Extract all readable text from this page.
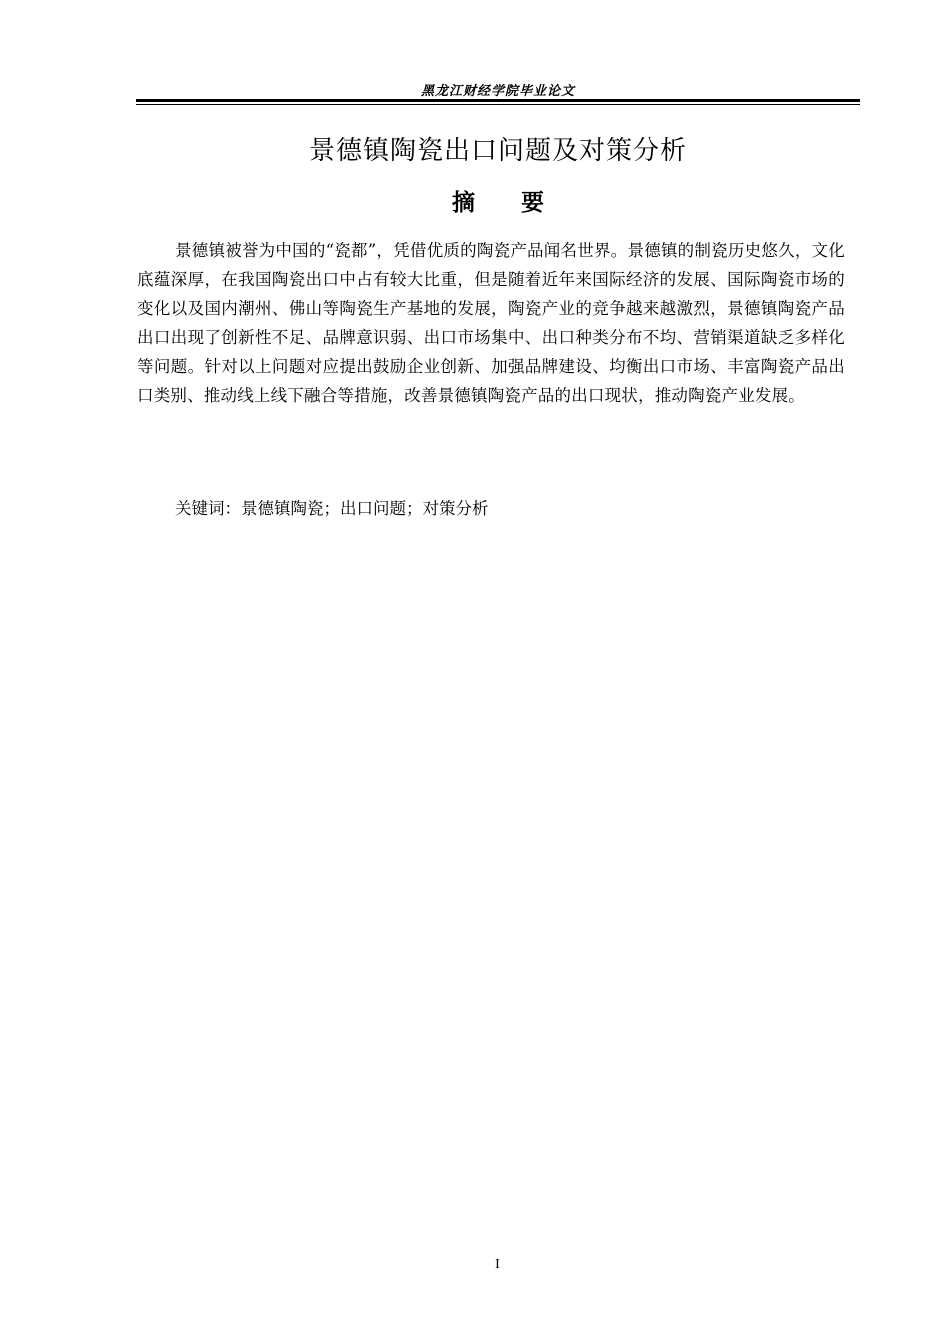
黑龙江财经学院毕业论文
景德镇陶瓷出口问题及对策分析
摘 要
景德镇被誉为中国的“瓷都”，凭借优质的陶瓷产品闻名世界。景德镇的制瓷历史悠久，文化底蕴深厚，在我国陶瓷出口中占有较大比重，但是随着近年来国际经济的发展、国际陶瓷市场的变化以及国内潮州、佛山等陶瓷生产基地的发展，陶瓷产业的竞争越来越激烈，景德镇陶瓷产品出口出现了创新性不足、品牌意识弱、出口市场集中、出口种类分布不均、营销渠道缺乏多样化等问题。针对以上问题对应提出鼓励企业创新、加强品牌建设、均衡出口市场、丰富陶瓷产品出口类别、推动线上线下融合等措施，改善景德镇陶瓷产品的出口现状，推动陶瓷产业发展。
关键词：景德镇陶瓷；出口问题；对策分析
I
